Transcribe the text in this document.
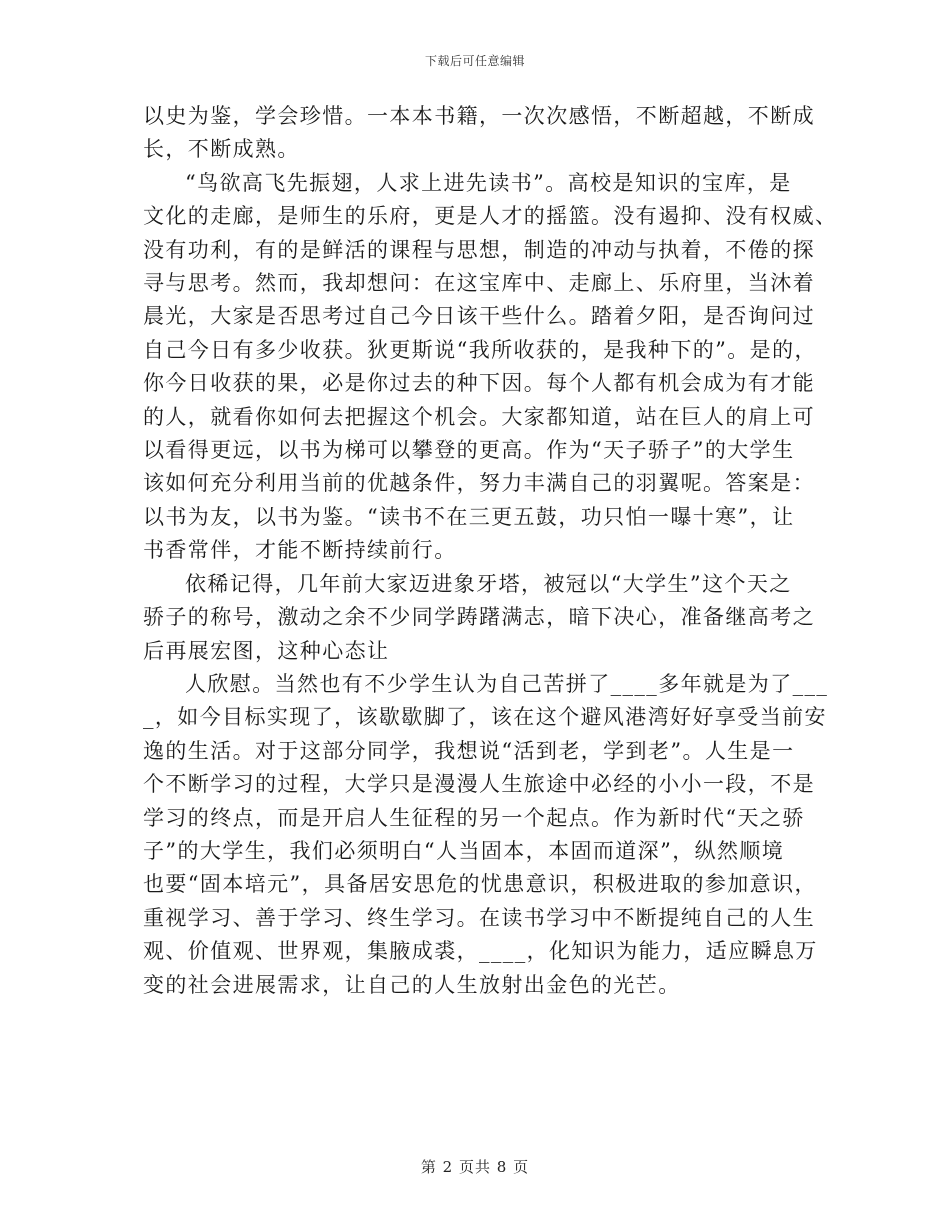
下载后可任意编辑

以史为鉴，学会珍惜。一本本书籍，一次次感悟，不断超越，不断成
长，不断成熟。

“鸟欲高飞先振翅，人求上进先读书”。高校是知识的宝库，是
文化的走廊，是师生的乐府，更是人才的摇篮。没有遏抑、没有权威、
没有功利，有的是鲜活的课程与思想，制造的冲动与执着，不倦的探
寻与思考。然而，我却想问：在这宝库中、走廊上、乐府里，当沐着
晨光，大家是否思考过自己今日该干些什么。踏着夕阳，是否询问过
自己今日有多少收获。狄更斯说“我所收获的，是我种下的”。是的，
你今日收获的果，必是你过去的种下因。每个人都有机会成为有才能
的人，就看你如何去把握这个机会。大家都知道，站在巨人的肩上可
以看得更远，以书为梯可以攀登的更高。作为“天子骄子”的大学生
该如何充分利用当前的优越条件，努力丰满自己的羽翼呢。答案是：
以书为友，以书为鉴。“读书不在三更五鼓，功只怕一曝十寒”，让
书香常伴，才能不断持续前行。

依稀记得，几年前大家迈进象牙塔，被冠以“大学生”这个天之
骄子的称号，激动之余不少同学踌躇满志，暗下决心，准备继高考之
后再展宏图，这种心态让

人欣慰。当然也有不少学生认为自己苦拼了____多年就是为了___
_，如今目标实现了，该歇歇脚了，该在这个避风港湾好好享受当前安
逸的生活。对于这部分同学，我想说“活到老，学到老”。人生是一
个不断学习的过程，大学只是漫漫人生旅途中必经的小小一段，不是
学习的终点，而是开启人生征程的另一个起点。作为新时代“天之骄
子”的大学生，我们必须明白“人当固本，本固而道深”，纵然顺境
也要“固本培元”，具备居安思危的忧患意识，积极进取的参加意识，
重视学习、善于学习、终生学习。在读书学习中不断提纯自己的人生
观、价值观、世界观，集腋成裘，____，化知识为能力，适应瞬息万
变的社会进展需求，让自己的人生放射出金色的光芒。

第 2 页共 8 页
